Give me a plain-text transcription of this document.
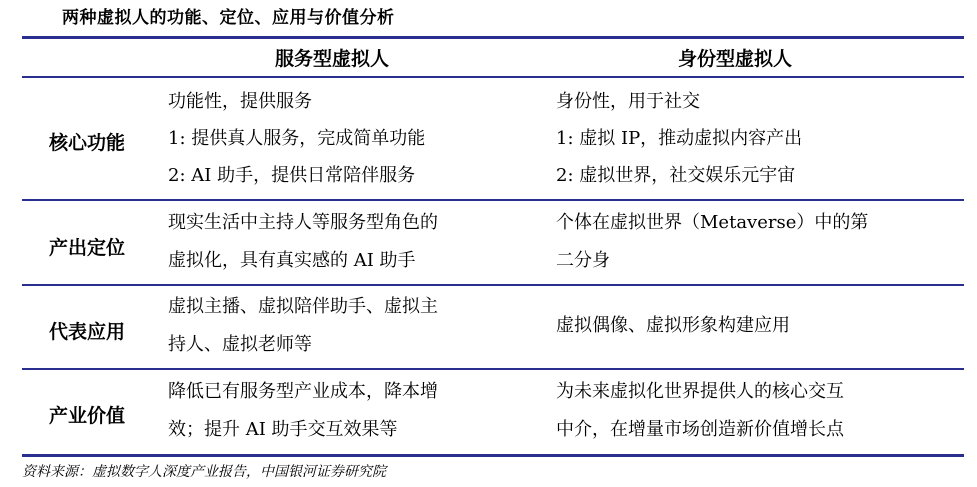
两种虚拟人的功能、定位、应用与价值分析
服务型虚拟人	身份型虚拟人
核心功能
功能性，提供服务
1: 提供真人服务，完成简单功能
2: AI 助手，提供日常陪伴服务
身份性，用于社交
1: 虚拟 IP，推动虚拟内容产出
2: 虚拟世界，社交娱乐元宇宙
产出定位
现实生活中主持人等服务型角色的
虚拟化，具有真实感的 AI 助手
个体在虚拟世界（Metaverse）中的第
二分身
代表应用
虚拟主播、虚拟陪伴助手、虚拟主
持人、虚拟老师等
虚拟偶像、虚拟形象构建应用
产业价值
降低已有服务型产业成本，降本增
效；提升 AI 助手交互效果等
为未来虚拟化世界提供人的核心交互
中介，在增量市场创造新价值增长点
资料来源：虚拟数字人深度产业报告，中国银河证券研究院
